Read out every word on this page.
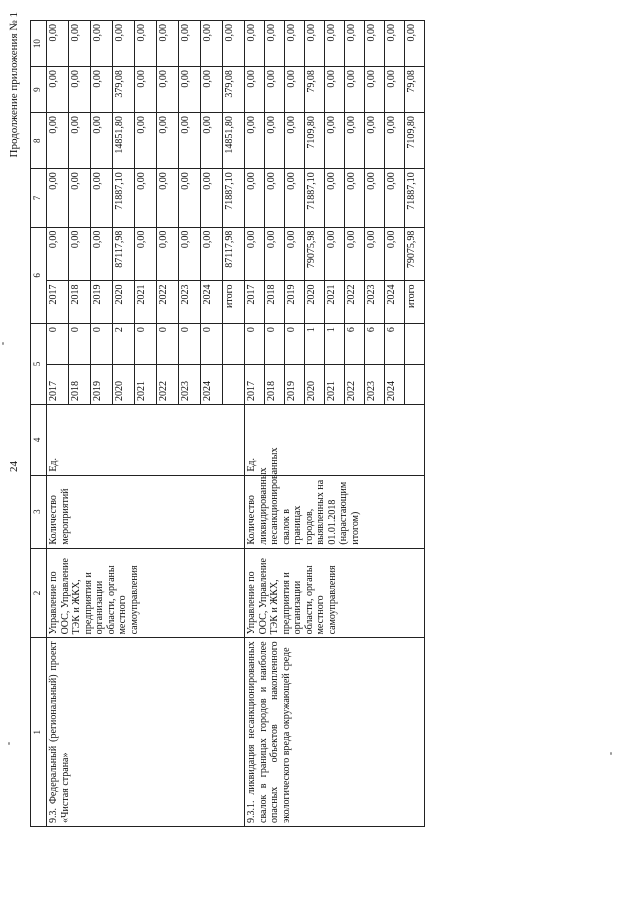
24
Продолжение приложения № 1
1	2	3	4	5		6		7	8	9	10
9.3. Федеральный (региональный) проект «Чистая страна»	Управление по ООС, Управление ТЭК и ЖКХ, предприятия и организации области, органы местного самоуправления	Количество мероприятий	Ед.	2017	0	2017	0,00	0,00	0,00	0,00	0,00
				2018	0	2018	0,00	0,00	0,00	0,00	0,00
				2019	0	2019	0,00	0,00	0,00	0,00	0,00
				2020	2	2020	87117,98	71887,10	14851,80	379,08	0,00
				2021	0	2021	0,00	0,00	0,00	0,00	0,00
				2022	0	2022	0,00	0,00	0,00	0,00	0,00
				2023	0	2023	0,00	0,00	0,00	0,00	0,00
				2024	0	2024	0,00	0,00	0,00	0,00	0,00
						итого	87117,98	71887,10	14851,80	379,08	0,00
9.3.1. ликвидация несанкционированных свалок в границах городов и наиболее опасных объектов накопленного экологического вреда окружающей среде	Управление по ООС, Управление ТЭК и ЖКХ, предприятия и организации области, органы местного самоуправления	Количество ликвидированных несанкционированных свалок в границах городов, выявленных на 01.01.2018 (нарастающим итогом)	Ед.	2017	0	2017	0,00	0,00	0,00	0,00	0,00
				2018	0	2018	0,00	0,00	0,00	0,00	0,00
				2019	0	2019	0,00	0,00	0,00	0,00	0,00
				2020	1	2020	79075,98	71887,10	7109,80	79,08	0,00
				2021	1	2021	0,00	0,00	0,00	0,00	0,00
				2022	6	2022	0,00	0,00	0,00	0,00	0,00
				2023	6	2023	0,00	0,00	0,00	0,00	0,00
				2024	6	2024	0,00	0,00	0,00	0,00	0,00
						итого	79075,98	71887,10	7109,80	79,08	0,00
